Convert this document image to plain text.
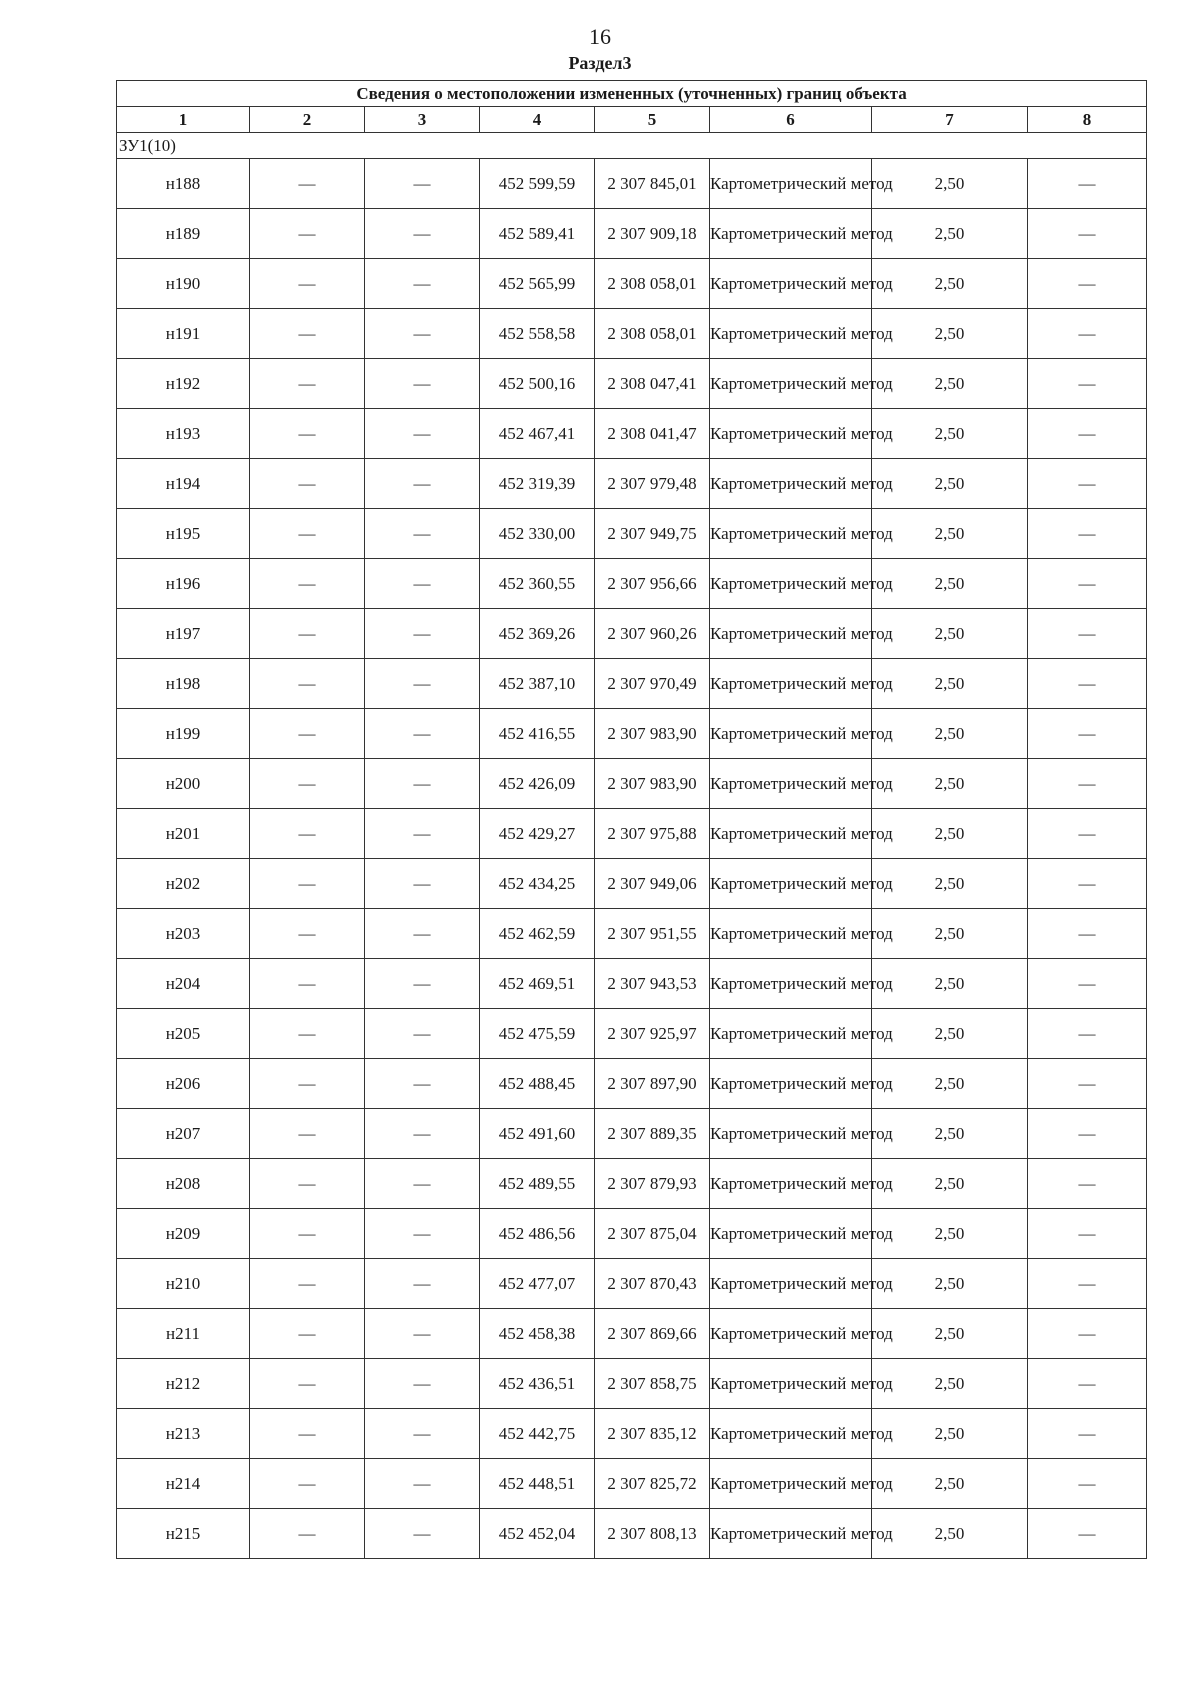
16
Раздел3
Сведения о местоположении измененных (уточненных) границ объекта							
1	2	3	4	5	6	7	8
ЗУ1(10)							
н188	—	—	452 599,59	2 307 845,01	Картометрический метод	2,50	—
н189	—	—	452 589,41	2 307 909,18	Картометрический метод	2,50	—
н190	—	—	452 565,99	2 308 058,01	Картометрический метод	2,50	—
н191	—	—	452 558,58	2 308 058,01	Картометрический метод	2,50	—
н192	—	—	452 500,16	2 308 047,41	Картометрический метод	2,50	—
н193	—	—	452 467,41	2 308 041,47	Картометрический метод	2,50	—
н194	—	—	452 319,39	2 307 979,48	Картометрический метод	2,50	—
н195	—	—	452 330,00	2 307 949,75	Картометрический метод	2,50	—
н196	—	—	452 360,55	2 307 956,66	Картометрический метод	2,50	—
н197	—	—	452 369,26	2 307 960,26	Картометрический метод	2,50	—
н198	—	—	452 387,10	2 307 970,49	Картометрический метод	2,50	—
н199	—	—	452 416,55	2 307 983,90	Картометрический метод	2,50	—
н200	—	—	452 426,09	2 307 983,90	Картометрический метод	2,50	—
н201	—	—	452 429,27	2 307 975,88	Картометрический метод	2,50	—
н202	—	—	452 434,25	2 307 949,06	Картометрический метод	2,50	—
н203	—	—	452 462,59	2 307 951,55	Картометрический метод	2,50	—
н204	—	—	452 469,51	2 307 943,53	Картометрический метод	2,50	—
н205	—	—	452 475,59	2 307 925,97	Картометрический метод	2,50	—
н206	—	—	452 488,45	2 307 897,90	Картометрический метод	2,50	—
н207	—	—	452 491,60	2 307 889,35	Картометрический метод	2,50	—
н208	—	—	452 489,55	2 307 879,93	Картометрический метод	2,50	—
н209	—	—	452 486,56	2 307 875,04	Картометрический метод	2,50	—
н210	—	—	452 477,07	2 307 870,43	Картометрический метод	2,50	—
н211	—	—	452 458,38	2 307 869,66	Картометрический метод	2,50	—
н212	—	—	452 436,51	2 307 858,75	Картометрический метод	2,50	—
н213	—	—	452 442,75	2 307 835,12	Картометрический метод	2,50	—
н214	—	—	452 448,51	2 307 825,72	Картометрический метод	2,50	—
н215	—	—	452 452,04	2 307 808,13	Картометрический метод	2,50	—
